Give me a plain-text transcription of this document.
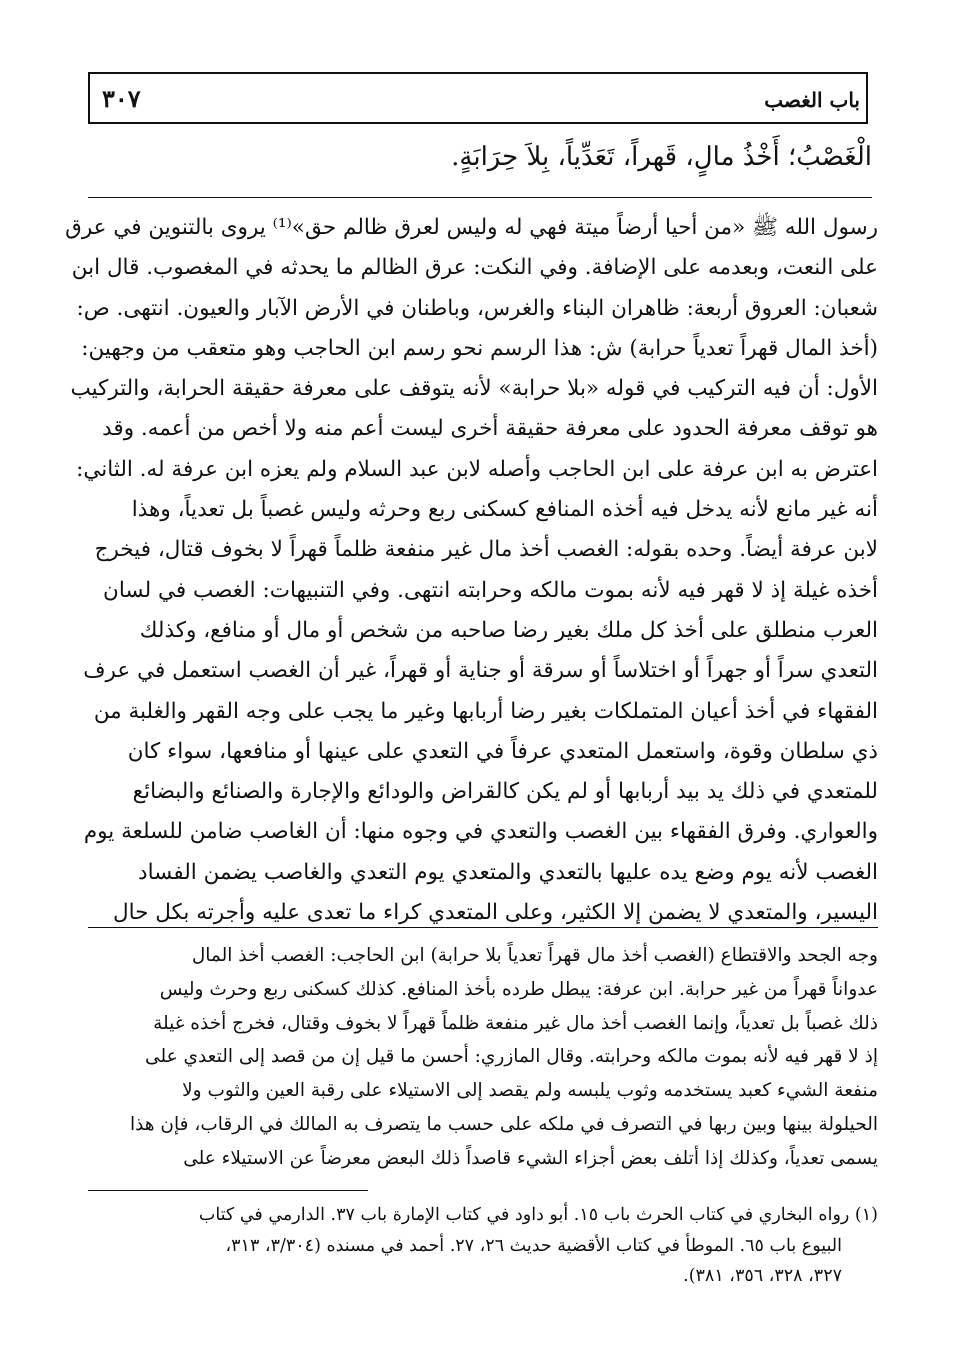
باب الغصب
٣٠٧
الْغَصْبُ؛ أَخْذُ مالٍ، قَهراً، تَعَدِّياً، بِلاَ حِرَابَةٍ.
رسول الله ﷺ «من أحيا أرضاً ميتة فهي له وليس لعرق ظالم حق»⁽¹⁾ يروى بالتنوين في عرق
على النعت، وبعدمه على الإضافة. وفي النكت: عرق الظالم ما يحدثه في المغصوب. قال ابن
شعبان: العروق أربعة: ظاهران البناء والغرس، وباطنان في الأرض الآبار والعيون. انتهى. ص:
(أخذ المال قهراً تعدياً حرابة) ش: هذا الرسم نحو رسم ابن الحاجب وهو متعقب من وجهين:
الأول: أن فيه التركيب في قوله «بلا حرابة» لأنه يتوقف على معرفة حقيقة الحرابة، والتركيب
هو توقف معرفة الحدود على معرفة حقيقة أخرى ليست أعم منه ولا أخص من أعمه. وقد
اعترض به ابن عرفة على ابن الحاجب وأصله لابن عبد السلام ولم يعزه ابن عرفة له. الثاني:
أنه غير مانع لأنه يدخل فيه أخذه المنافع كسكنى ربع وحرثه وليس غصباً بل تعدياً، وهذا
لابن عرفة أيضاً. وحده بقوله: الغصب أخذ مال غير منفعة ظلماً قهراً لا بخوف قتال، فيخرج
أخذه غيلة إذ لا قهر فيه لأنه بموت مالكه وحرابته انتهى. وفي التنبيهات: الغصب في لسان
العرب منطلق على أخذ كل ملك بغير رضا صاحبه من شخص أو مال أو منافع، وكذلك
التعدي سراً أو جهراً أو اختلاساً أو سرقة أو جناية أو قهراً، غير أن الغصب استعمل في عرف
الفقهاء في أخذ أعيان المتملكات بغير رضا أربابها وغير ما يجب على وجه القهر والغلبة من
ذي سلطان وقوة، واستعمل المتعدي عرفاً في التعدي على عينها أو منافعها، سواء كان
للمتعدي في ذلك يد بيد أربابها أو لم يكن كالقراض والودائع والإجارة والصنائع والبضائع
والعواري. وفرق الفقهاء بين الغصب والتعدي في وجوه منها: أن الغاصب ضامن للسلعة يوم
الغصب لأنه يوم وضع يده عليها بالتعدي والمتعدي يوم التعدي والغاصب يضمن الفساد
اليسير، والمتعدي لا يضمن إلا الكثير، وعلى المتعدي كراء ما تعدى عليه وأجرته بكل حال
وجه الجحد والاقتطاع (الغصب أخذ مال قهراً تعدياً بلا حرابة) ابن الحاجب: الغصب أخذ المال
عدواناً قهراً من غير حرابة. ابن عرفة: يبطل طرده بأخذ المنافع. كذلك كسكنى ربع وحرث وليس
ذلك غصباً بل تعدياً، وإنما الغصب أخذ مال غير منفعة ظلماً قهراً لا بخوف وقتال، فخرج أخذه غيلة
إذ لا قهر فيه لأنه بموت مالكه وحرابته. وقال المازري: أحسن ما قيل إن من قصد إلى التعدي على
منفعة الشيء كعبد يستخدمه وثوب يلبسه ولم يقصد إلى الاستيلاء على رقبة العين والثوب ولا
الحيلولة بينها وبين ربها في التصرف في ملكه على حسب ما يتصرف به المالك في الرقاب، فإن هذا
يسمى تعدياً، وكذلك إذا أتلف بعض أجزاء الشيء قاصداً ذلك البعض معرضاً عن الاستيلاء على
(١) رواه البخاري في كتاب الحرث باب ١٥. أبو داود في كتاب الإمارة باب ٣٧. الدارمي في كتاب
البيوع باب ٦٥. الموطأ في كتاب الأقضية حديث ٢٦، ٢٧. أحمد في مسنده (٣/٣٠٤، ٣١٣،
٣٢٧، ٣٢٨، ٣٥٦، ٣٨١).
